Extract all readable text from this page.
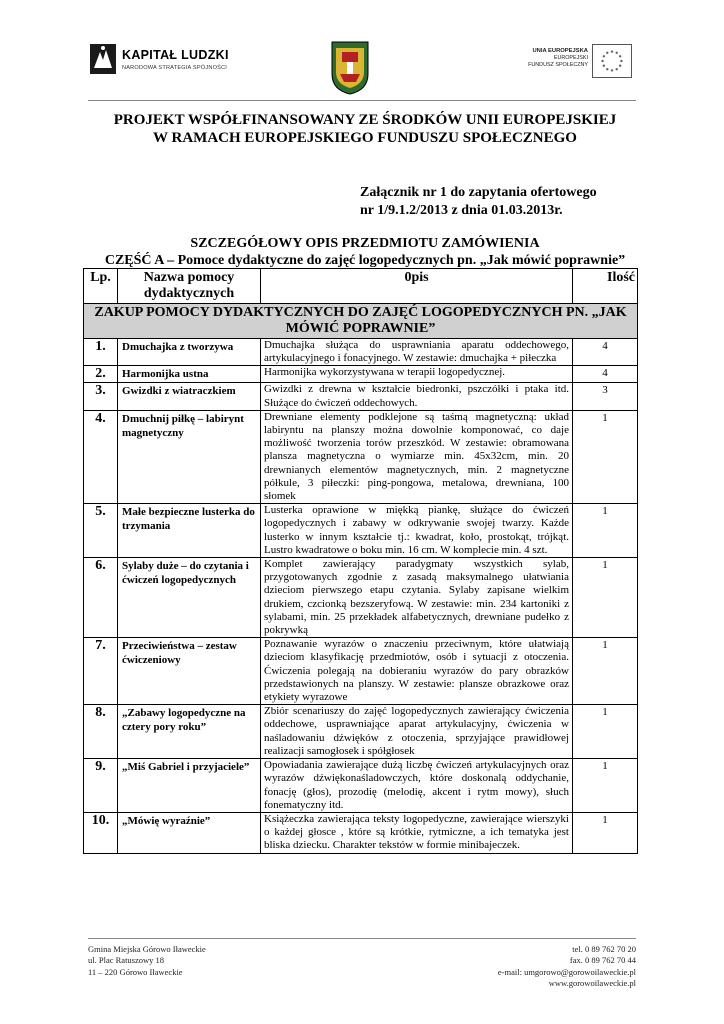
KAPITAŁ LUDZKI
NARODOWA STRATEGIA SPÓJNOŚCI
UNIA EUROPEJSKA
EUROPEJSKI
FUNDUSZ SPOŁECZNY
PROJEKT WSPÓŁFINANSOWANY ZE ŚRODKÓW UNII EUROPEJSKIEJ
W RAMACH EUROPEJSKIEGO FUNDUSZU SPOŁECZNEGO
Załącznik nr 1 do zapytania ofertowego
nr 1/9.1.2/2013 z dnia 01.03.2013r.
SZCZEGÓŁOWY OPIS PRZEDMIOTU ZAMÓWIENIA
CZĘŚĆ A – Pomoce dydaktyczne do zajęć logopedycznych pn. „Jak mówić poprawnie”
Lp.	Nazwa pomocy dydaktycznych	0pis	Ilość
ZAKUP POMOCY DYDAKTYCZNYCH DO ZAJĘĆ LOGOPEDYCZNYCH PN. „JAK MÓWIĆ POPRAWNIE”			
1.	Dmuchajka z tworzywa	Dmuchajka służąca do usprawniania aparatu oddechowego, artykulacyjnego i fonacyjnego. W zestawie: dmuchajka + piłeczka	4
2.	Harmonijka ustna	Harmonijka wykorzystywana w terapii logopedycznej.	4
3.	Gwizdki z wiatraczkiem	Gwizdki z drewna w kształcie biedronki, pszczółki i ptaka itd. Służące do ćwiczeń oddechowych.	3
4.	Dmuchnij piłkę – labirynt magnetyczny	Drewniane elementy podklejone są taśmą magnetyczną: układ labiryntu na planszy można dowolnie komponować, co daje możliwość tworzenia torów przeszkód. W zestawie: obramowana plansza magnetyczna o wymiarze min. 45x32cm, min. 20 drewnianych elementów magnetycznych, min. 2 magnetyczne półkule, 3 piłeczki: ping-pongowa, metalowa, drewniana, 100 słomek	1
5.	Małe bezpieczne lusterka do trzymania	Lusterka oprawione w miękką piankę, służące do ćwiczeń logopedycznych i zabawy w odkrywanie swojej twarzy. Każde lusterko w innym kształcie tj.: kwadrat, koło, prostokąt, trójkąt. Lustro kwadratowe o boku min. 16 cm. W komplecie min. 4 szt.	1
6.	Sylaby duże – do czytania i ćwiczeń logopedycznych	Komplet zawierający paradygmaty wszystkich sylab, przygotowanych zgodnie z zasadą maksymalnego ułatwiania dzieciom pierwszego etapu czytania. Sylaby zapisane wielkim drukiem, czcionką bezszeryfową. W zestawie: min. 234 kartoniki z sylabami, min. 25 przekładek alfabetycznych, drewniane pudełko z pokrywką	1
7.	Przeciwieństwa – zestaw ćwiczeniowy	Poznawanie wyrazów o znaczeniu przeciwnym, które ułatwiają dzieciom klasyfikację przedmiotów, osób i sytuacji z otoczenia. Ćwiczenia polegają na dobieraniu wyrazów do pary obrazków przedstawionych na planszy. W zestawie: plansze obrazkowe oraz etykiety wyrazowe	1
8.	„Zabawy logopedyczne na cztery pory roku”	Zbiór scenariuszy do zajęć logopedycznych zawierający ćwiczenia oddechowe, usprawniające aparat artykulacyjny, ćwiczenia w naśladowaniu dźwięków z otoczenia, sprzyjające prawidłowej realizacji samogłosek i spółgłosek	1
9.	„Miś Gabriel i przyjaciele”	Opowiadania zawierające dużą liczbę ćwiczeń artykulacyjnych oraz wyrazów dźwiękonaśladowczych, które doskonalą oddychanie, fonację (głos), prozodię (melodię, akcent i rytm mowy), słuch fonematyczny itd.	1
10.	„Mówię wyraźnie”	Książeczka zawierająca teksty logopedyczne, zawierające wierszyki o każdej głosce , które są krótkie, rytmiczne, a ich tematyka jest bliska dziecku. Charakter tekstów w formie minibajeczek.	1
Gmina Miejska Górowo Iławeckie
ul. Plac Ratuszowy 18
11 – 220 Górowo Iławeckie
tel. 0 89 762 70 20
fax. 0 89 762 70 44
e-mail: umgorowo@gorowoilaweckie.pl
www.gorowoilaweckie.pl
